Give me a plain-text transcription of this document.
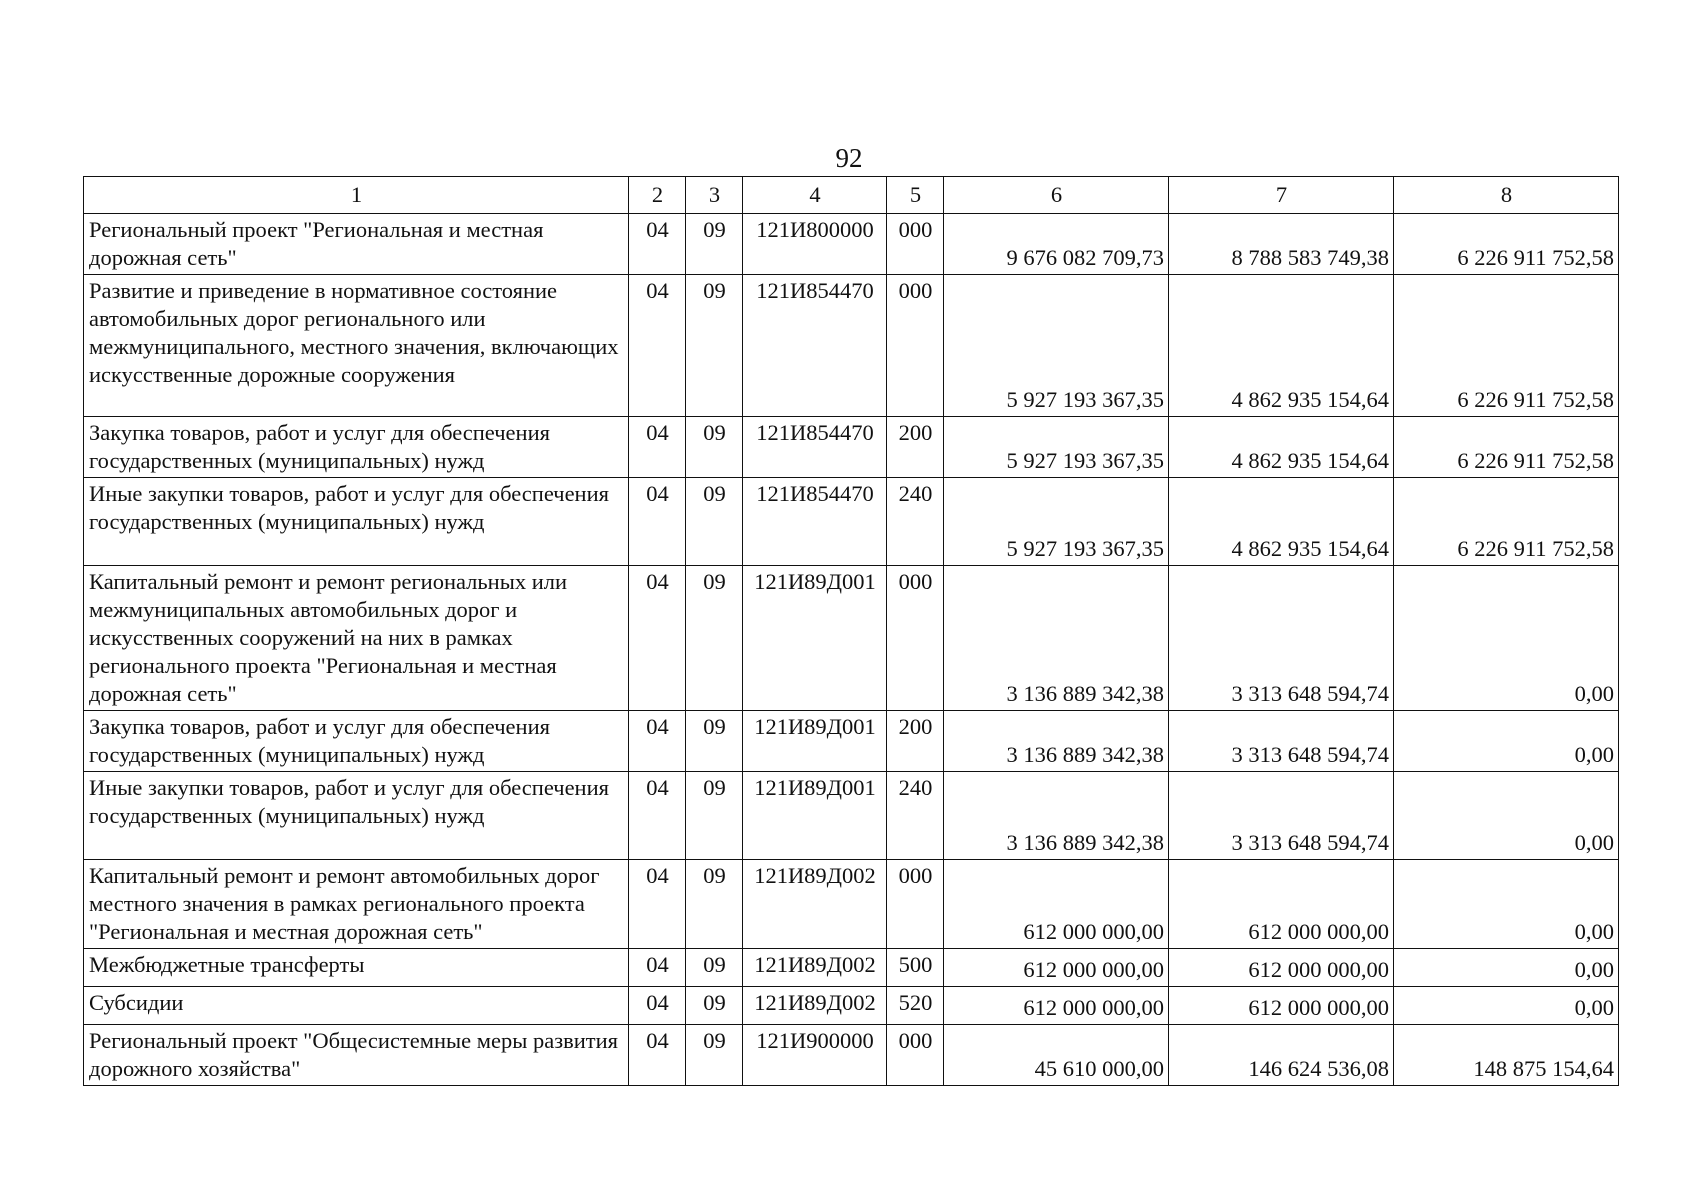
92
1	2	3	4	5	6	7	8
Региональный проект "Региональная и местная дорожная сеть"	04	09	121И800000	000	9 676 082 709,73	8 788 583 749,38	6 226 911 752,58
Развитие и приведение в нормативное состояние автомобильных дорог регионального или межмуниципального, местного значения, включающих искусственные дорожные сооружения	04	09	121И854470	000	5 927 193 367,35	4 862 935 154,64	6 226 911 752,58
Закупка товаров, работ и услуг для обеспечения государственных (муниципальных) нужд	04	09	121И854470	200	5 927 193 367,35	4 862 935 154,64	6 226 911 752,58
Иные закупки товаров, работ и услуг для обеспечения государственных (муниципальных) нужд	04	09	121И854470	240	5 927 193 367,35	4 862 935 154,64	6 226 911 752,58
Капитальный ремонт и ремонт региональных или межмуниципальных автомобильных дорог и искусственных сооружений на них в рамках регионального проекта "Региональная и местная дорожная сеть"	04	09	121И89Д001	000	3 136 889 342,38	3 313 648 594,74	0,00
Закупка товаров, работ и услуг для обеспечения государственных (муниципальных) нужд	04	09	121И89Д001	200	3 136 889 342,38	3 313 648 594,74	0,00
Иные закупки товаров, работ и услуг для обеспечения государственных (муниципальных) нужд	04	09	121И89Д001	240	3 136 889 342,38	3 313 648 594,74	0,00
Капитальный ремонт и ремонт автомобильных дорог местного значения в рамках регионального проекта "Региональная и местная дорожная сеть"	04	09	121И89Д002	000	612 000 000,00	612 000 000,00	0,00
Межбюджетные трансферты	04	09	121И89Д002	500	612 000 000,00	612 000 000,00	0,00
Субсидии	04	09	121И89Д002	520	612 000 000,00	612 000 000,00	0,00
Региональный проект "Общесистемные меры развития дорожного хозяйства"	04	09	121И900000	000	45 610 000,00	146 624 536,08	148 875 154,64
